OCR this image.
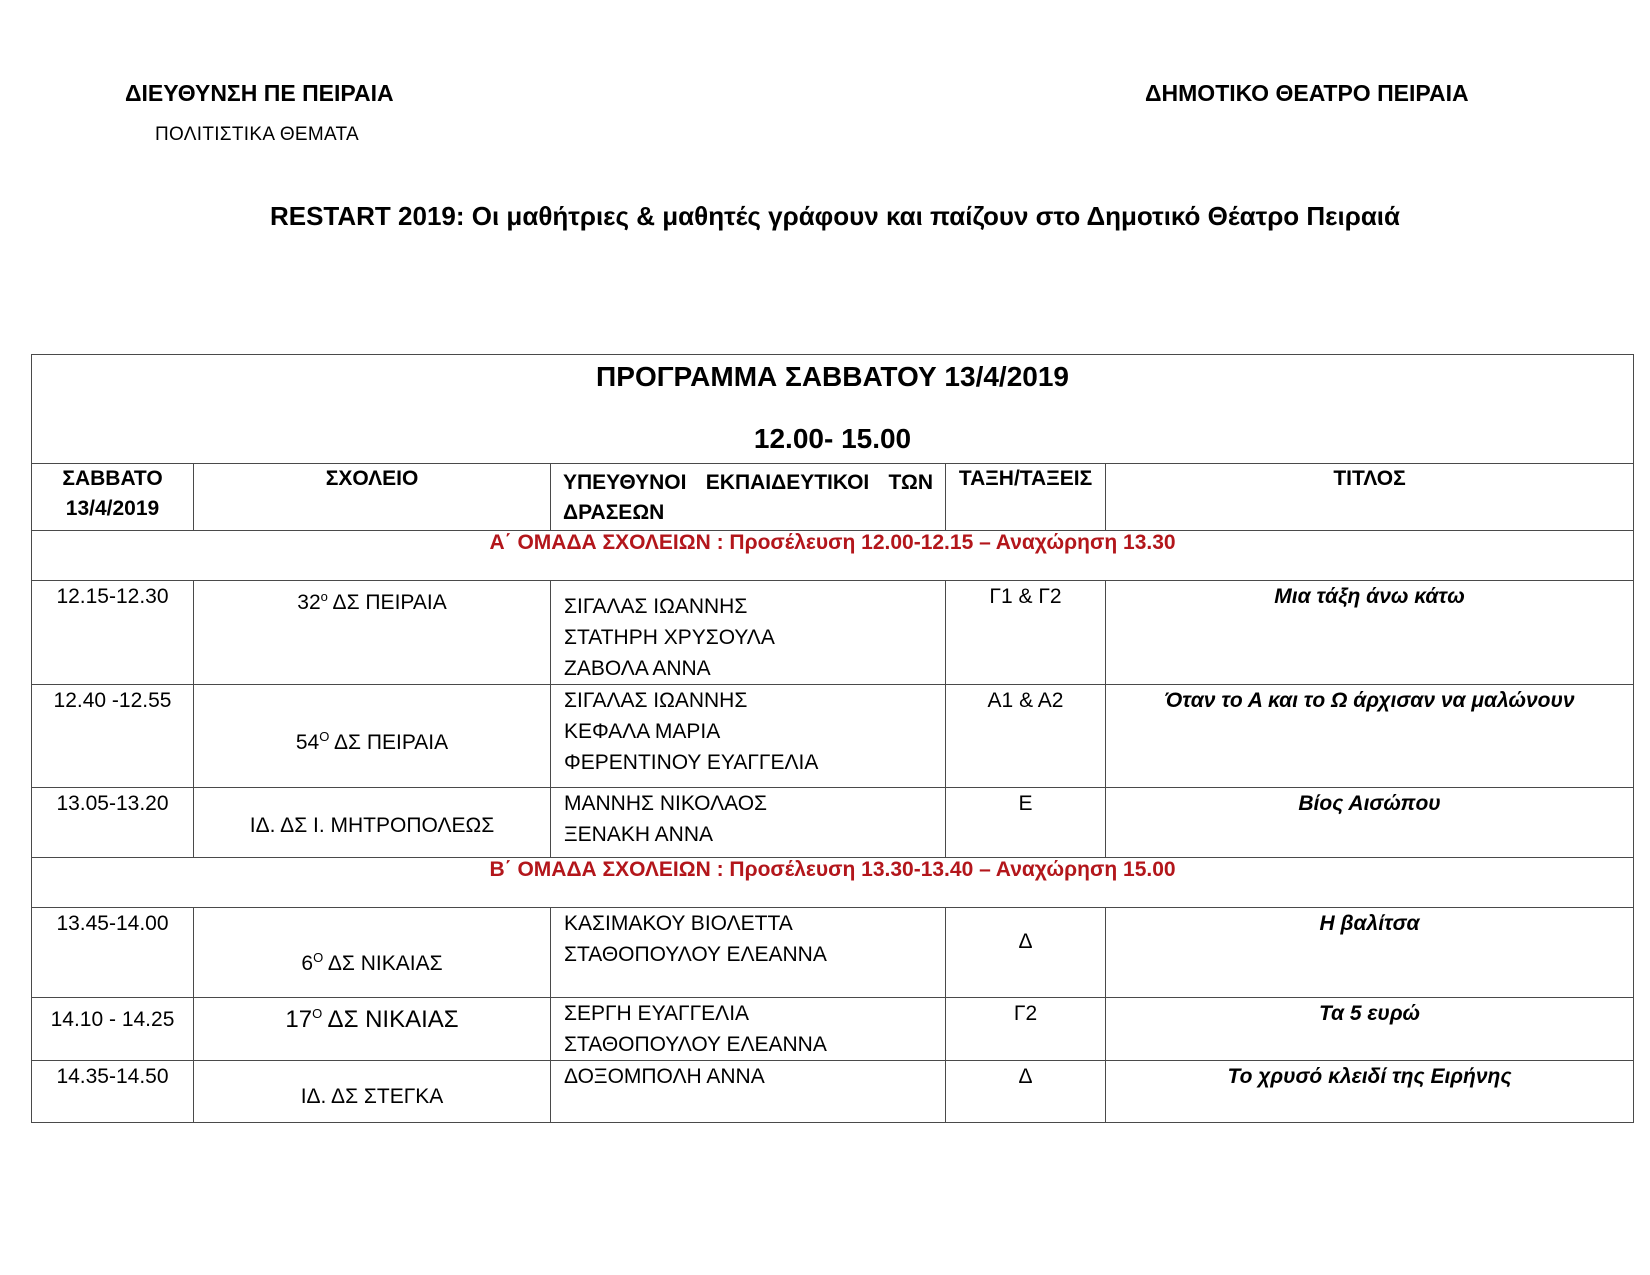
ΔΙΕΥΘΥΝΣΗ ΠΕ ΠΕΙΡΑΙΑ
ΠΟΛΙΤΙΣΤΙΚΑ ΘΕΜΑΤΑ
ΔΗΜΟΤΙΚΟ ΘΕΑΤΡΟ ΠΕΙΡΑΙΑ
RESTART 2019: Οι μαθήτριες & μαθητές γράφουν και παίζουν στο Δημοτικό Θέατρο Πειραιά
ΠΡΟΓΡΑΜΜΑ ΣΑΒΒΑΤΟΥ 13/4/2019
12.00- 15.00				

ΣΑΒΒΑΤΟ
13/4/2019	ΣΧΟΛΕΙΟ	ΥΠΕΥΘΥΝΟΙ ΕΚΠΑΙΔΕΥΤΙΚΟΙ ΤΩΝ ΔΡΑΣΕΩΝ	ΤΑΞΗ/ΤΑΞΕΙΣ	ΤΙΤΛΟΣ
Α΄ ΟΜΑΔΑ ΣΧΟΛΕΙΩΝ : Προσέλευση 12.00-12.15 – Αναχώρηση 13.30				
12.15-12.30	$32^o$ ΔΣ ΠΕΙΡΑΙΑ	ΣΙΓΑΛΑΣ ΙΩΑΝΝΗΣ
ΣΤΑΤΗΡΗ ΧΡΥΣΟΥΛΑ
ΖΑΒΟΛΑ ΑΝΝΑ	Γ1 & Γ2	Μια τάξη άνω κάτω
12.40 -12.55	$54^O$ ΔΣ ΠΕΙΡΑΙΑ	ΣΙΓΑΛΑΣ ΙΩΑΝΝΗΣ
ΚΕΦΑΛΑ ΜΑΡΙΑ
ΦΕΡΕΝΤΙΝΟΥ ΕΥΑΓΓΕΛΙΑ	Α1 & Α2	Όταν το Α και το Ω άρχισαν να μαλώνουν
13.05-13.20	ΙΔ. ΔΣ Ι. ΜΗΤΡΟΠΟΛΕΩΣ	ΜΑΝΝΗΣ ΝΙΚΟΛΑΟΣ
ΞΕΝΑΚΗ ΑΝΝΑ	Ε	Βίος Αισώπου
Β΄ ΟΜΑΔΑ ΣΧΟΛΕΙΩΝ : Προσέλευση 13.30-13.40 – Αναχώρηση 15.00				
13.45-14.00	$6^O$ ΔΣ ΝΙΚΑΙΑΣ	ΚΑΣΙΜΑΚΟΥ ΒΙΟΛΕΤΤΑ
ΣΤΑΘΟΠΟΥΛΟΥ ΕΛΕΑΝΝΑ	Δ	Η βαλίτσα
14.10 - 14.25	$17^O$ ΔΣ ΝΙΚΑΙΑΣ	ΣΕΡΓΗ ΕΥΑΓΓΕΛΙΑ
ΣΤΑΘΟΠΟΥΛΟΥ ΕΛΕΑΝΝΑ	Γ2	Τα 5 ευρώ
14.35-14.50	ΙΔ. ΔΣ ΣΤΕΓΚΑ	ΔΟΞΟΜΠΟΛΗ ΑΝΝΑ	Δ	Το χρυσό κλειδί της Ειρήνης
